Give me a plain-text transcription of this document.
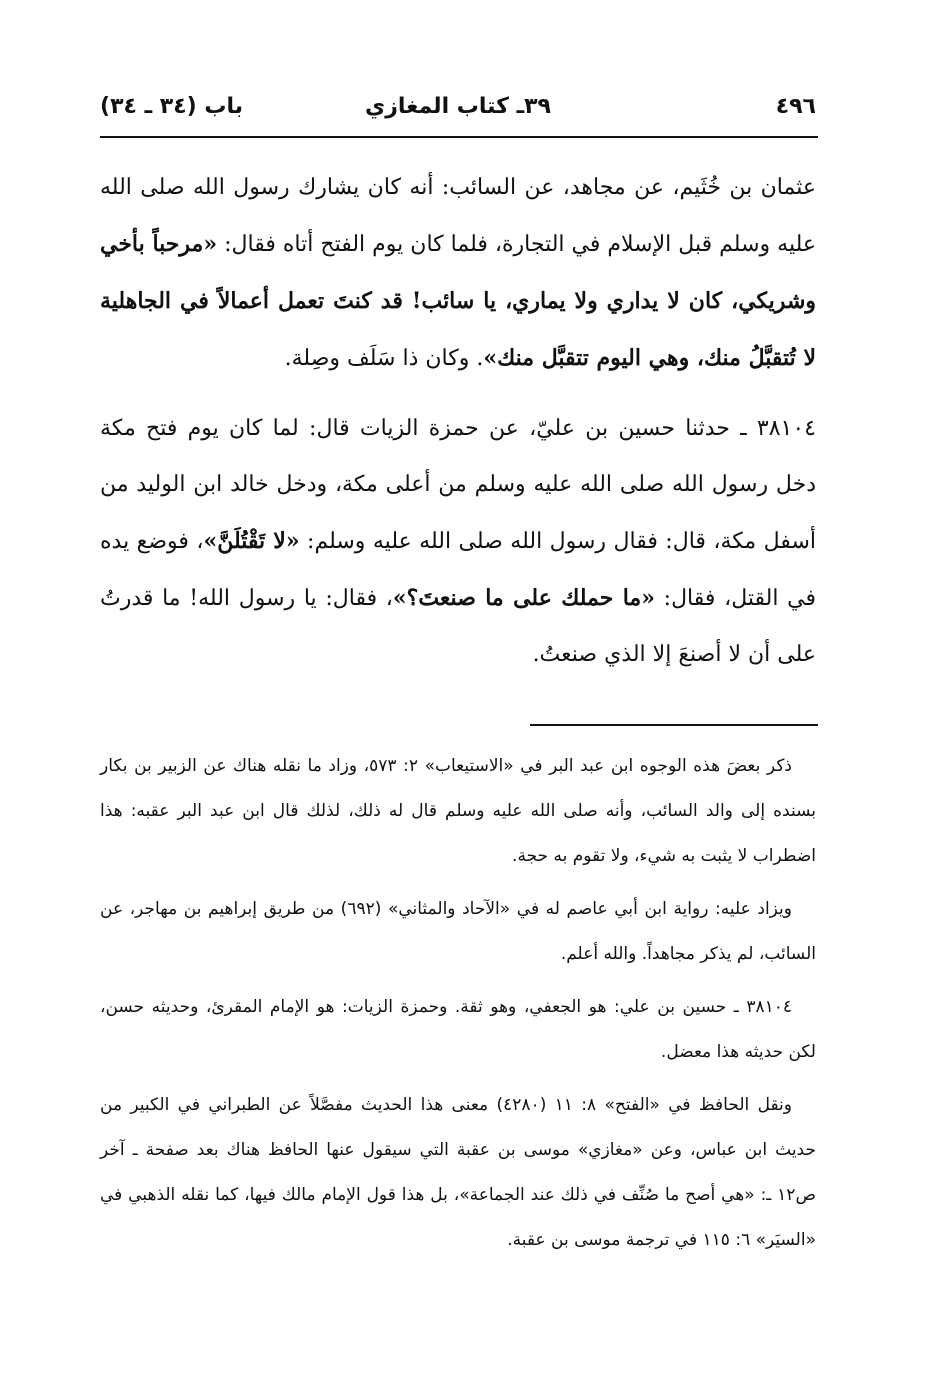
٤٩٦
٣٩ـ كتاب المغازي
باب (٣٤ ـ ٣٤)

عثمان بن خُثَيم، عن مجاهد، عن السائب: أنه كان يشارك رسول الله صلى الله عليه وسلم قبل الإسلام في التجارة، فلما كان يوم الفتح أتاه فقال: «مرحباً بأخي وشريكي، كان لا يداري ولا يماري، يا سائب! قد كنتَ تعمل أعمالاً في الجاهلية لا تُتقبَّلُ منك، وهي اليوم تتقبَّل منك». وكان ذا سَلَف وصِلة.

٣٨١٠٤ ـ حدثنا حسين بن عليّ، عن حمزة الزيات قال: لما كان يوم فتح مكة دخل رسول الله صلى الله عليه وسلم من أعلى مكة، ودخل خالد ابن الوليد من أسفل مكة، قال: فقال رسول الله صلى الله عليه وسلم: «لا تَقْتُلَنَّ»، فوضع يده في القتل، فقال: «ما حملك على ما صنعتَ؟»، فقال: يا رسول الله! ما قدرتُ على أن لا أصنعَ إلا الذي صنعتُ.

ذكر بعضَ هذه الوجوه ابن عبد البر في «الاستيعاب» ٢: ٥٧٣، وزاد ما نقله هناك عن الزبير بن بكار بسنده إلى والد السائب، وأنه صلى الله عليه وسلم قال له ذلك، لذلك قال ابن عبد البر عقبه: هذا اضطراب لا يثبت به شيء، ولا تقوم به حجة.

ويزاد عليه: رواية ابن أبي عاصم له في «الآحاد والمثاني» (٦٩٢) من طريق إبراهيم بن مهاجر، عن السائب، لم يذكر مجاهداً. والله أعلم.

٣٨١٠٤ ـ حسين بن علي: هو الجعفي، وهو ثقة. وحمزة الزيات: هو الإمام المقرئ، وحديثه حسن، لكن حديثه هذا معضل.

ونقل الحافظ في «الفتح» ٨: ١١ (٤٢٨٠) معنى هذا الحديث مفصَّلاً عن الطبراني في الكبير من حديث ابن عباس، وعن «مغازي» موسى بن عقبة التي سيقول عنها الحافظ هناك بعد صفحة ـ آخر ص١٢ ـ: «هي أصح ما صُنِّف في ذلك عند الجماعة»، بل هذا قول الإمام مالك فيها، كما نقله الذهبي في «السيَر» ٦: ١١٥ في ترجمة موسى بن عقبة.
